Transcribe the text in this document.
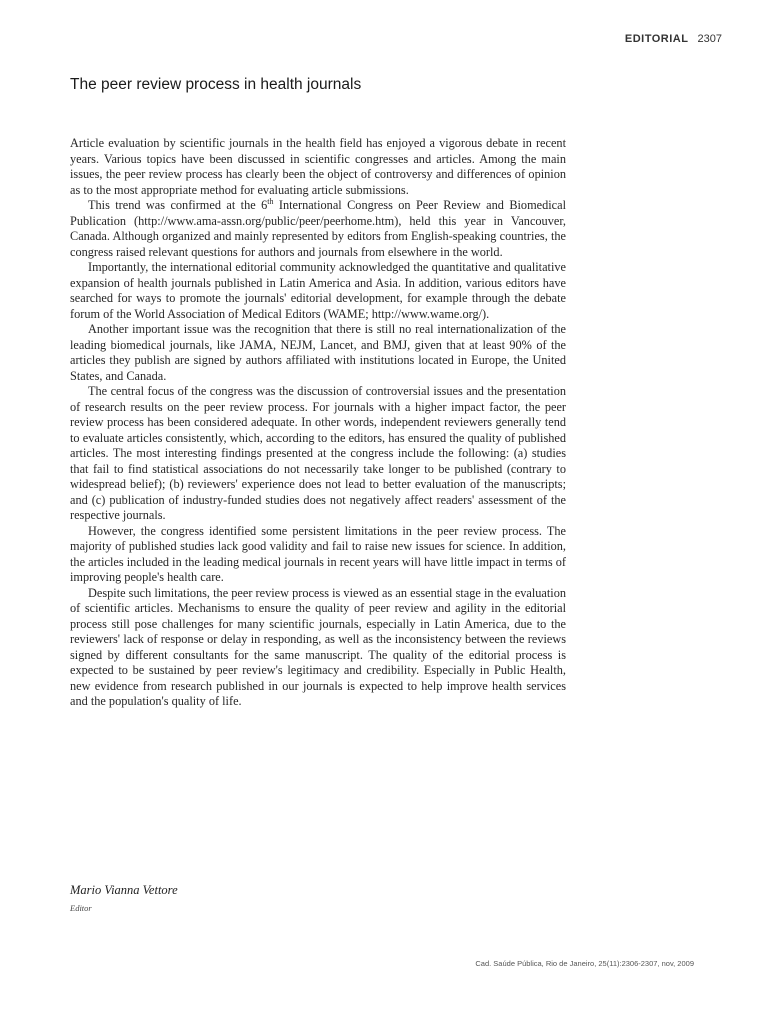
EDITORIAL 2307
The peer review process in health journals

Article evaluation by scientific journals in the health field has enjoyed a vigorous debate in recent years. Various topics have been discussed in scientific congresses and articles. Among the main issues, the peer review process has clearly been the object of controversy and differences of opinion as to the most appropriate method for evaluating article submissions.

This trend was confirmed at the 6th International Congress on Peer Review and Biomedical Publication (http://www.ama-assn.org/public/peer/peerhome.htm), held this year in Vancouver, Canada. Although organized and mainly represented by editors from English-speaking countries, the congress raised relevant questions for authors and journals from elsewhere in the world.

Importantly, the international editorial community acknowledged the quantitative and qualitative expansion of health journals published in Latin America and Asia. In addition, various editors have searched for ways to promote the journals' editorial development, for example through the debate forum of the World Association of Medical Editors (WAME; http://www.wame.org/).

Another important issue was the recognition that there is still no real internationalization of the leading biomedical journals, like JAMA, NEJM, Lancet, and BMJ, given that at least 90% of the articles they publish are signed by authors affiliated with institutions located in Europe, the United States, and Canada.

The central focus of the congress was the discussion of controversial issues and the presentation of research results on the peer review process. For journals with a higher impact factor, the peer review process has been considered adequate. In other words, independent reviewers generally tend to evaluate articles consistently, which, according to the editors, has ensured the quality of published articles. The most interesting findings presented at the congress include the following: (a) studies that fail to find statistical associations do not necessarily take longer to be published (contrary to widespread belief); (b) reviewers' experience does not lead to better evaluation of the manuscripts; and (c) publication of industry-funded studies does not negatively affect readers' assessment of the respective journals.

However, the congress identified some persistent limitations in the peer review process. The majority of published studies lack good validity and fail to raise new issues for science. In addition, the articles included in the leading medical journals in recent years will have little impact in terms of improving people's health care.

Despite such limitations, the peer review process is viewed as an essential stage in the evaluation of scientific articles. Mechanisms to ensure the quality of peer review and agility in the editorial process still pose challenges for many scientific journals, especially in Latin America, due to the reviewers' lack of response or delay in responding, as well as the inconsistency between the reviews signed by different consultants for the same manuscript. The quality of the editorial process is expected to be sustained by peer review's legitimacy and credibility. Especially in Public Health, new evidence from research published in our journals is expected to help improve health services and the population's quality of life.

Mario Vianna Vettore
Editor
Cad. Saúde Pública, Rio de Janeiro, 25(11):2306-2307, nov, 2009
